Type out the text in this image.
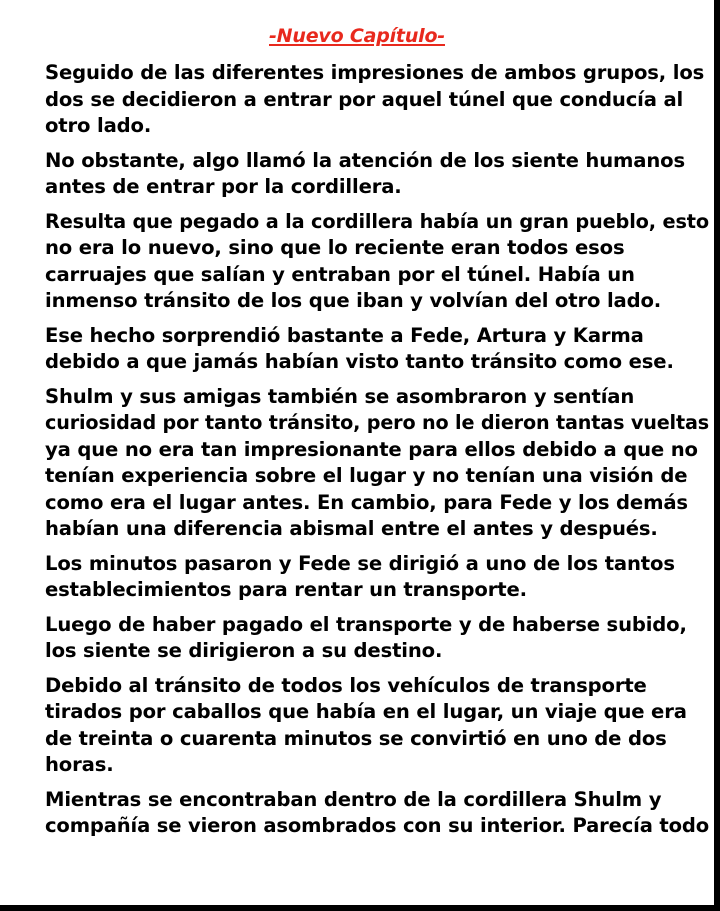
-Nuevo Capítulo-
Seguido de las diferentes impresiones de ambos grupos, los
dos se decidieron a entrar por aquel túnel que conducía al
otro lado.
No obstante, algo llamó la atención de los siente humanos
antes de entrar por la cordillera.
Resulta que pegado a la cordillera había un gran pueblo, esto
no era lo nuevo, sino que lo reciente eran todos esos
carruajes que salían y entraban por el túnel. Había un
inmenso tránsito de los que iban y volvían del otro lado.
Ese hecho sorprendió bastante a Fede, Artura y Karma
debido a que jamás habían visto tanto tránsito como ese.
Shulm y sus amigas también se asombraron y sentían
curiosidad por tanto tránsito, pero no le dieron tantas vueltas
ya que no era tan impresionante para ellos debido a que no
tenían experiencia sobre el lugar y no tenían una visión de
como era el lugar antes. En cambio, para Fede y los demás
habían una diferencia abismal entre el antes y después.
Los minutos pasaron y Fede se dirigió a uno de los tantos
establecimientos para rentar un transporte.
Luego de haber pagado el transporte y de haberse subido,
los siente se dirigieron a su destino.
Debido al tránsito de todos los vehículos de transporte
tirados por caballos que había en el lugar, un viaje que era
de treinta o cuarenta minutos se convirtió en uno de dos
horas.
Mientras se encontraban dentro de la cordillera Shulm y
compañía se vieron asombrados con su interior. Parecía todo
